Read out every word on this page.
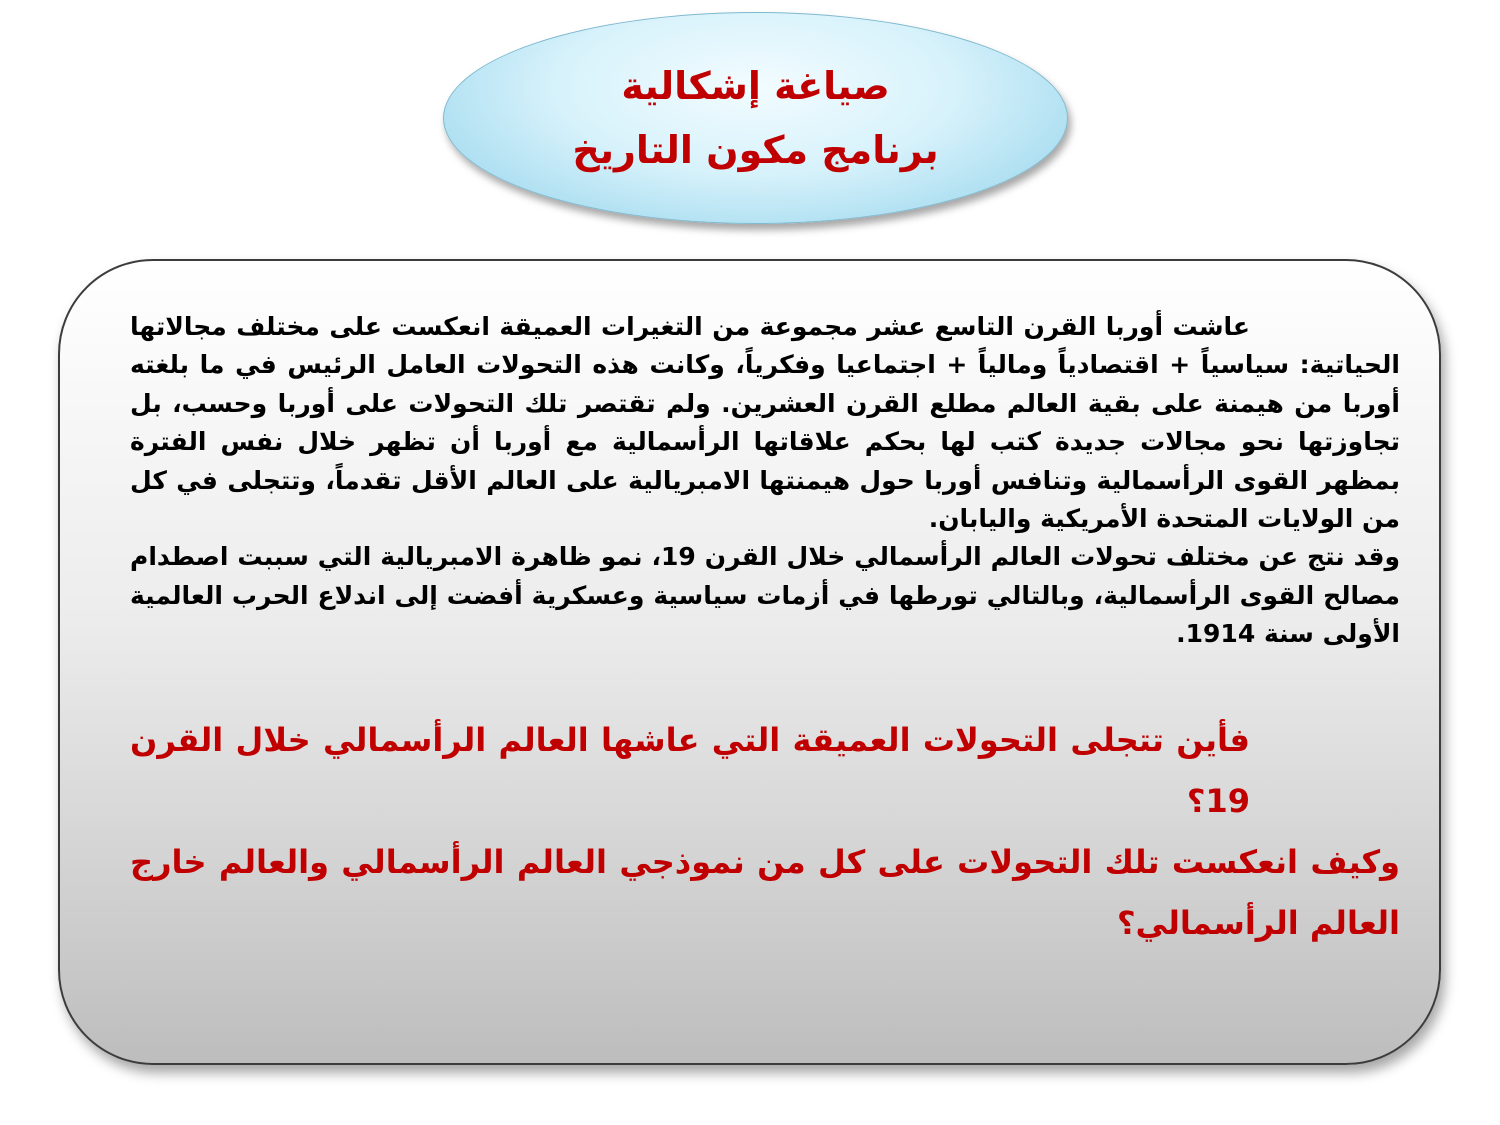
صياغة إشكالية
برنامج مكون التاريخ

عاشت أوربا القرن التاسع عشر مجموعة من التغيرات العميقة انعكست على مختلف مجالاتها الحياتية: سياسياً + اقتصادياً ومالياً + اجتماعيا وفكرياً، وكانت هذه التحولات العامل الرئيس في ما بلغته أوربا من هيمنة على بقية العالم مطلع القرن العشرين. ولم تقتصر تلك التحولات على أوربا وحسب، بل تجاوزتها نحو مجالات جديدة كتب لها بحكم علاقاتها الرأسمالية مع أوربا أن تظهر خلال نفس الفترة بمظهر القوى الرأسمالية وتنافس أوربا حول هيمنتها الامبريالية على العالم الأقل تقدماً، وتتجلى في كل من الولايات المتحدة الأمريكية واليابان.

وقد نتج عن مختلف تحولات العالم الرأسمالي خلال القرن 19، نمو ظاهرة الامبريالية التي سببت اصطدام مصالح القوى الرأسمالية، وبالتالي تورطها في أزمات سياسية وعسكرية أفضت إلى اندلاع الحرب العالمية الأولى سنة 1914.

فأين تتجلى التحولات العميقة التي عاشها العالم الرأسمالي خلال القرن 19؟

وكيف انعكست تلك التحولات على كل من نموذجي العالم الرأسمالي والعالم خارج العالم الرأسمالي؟
